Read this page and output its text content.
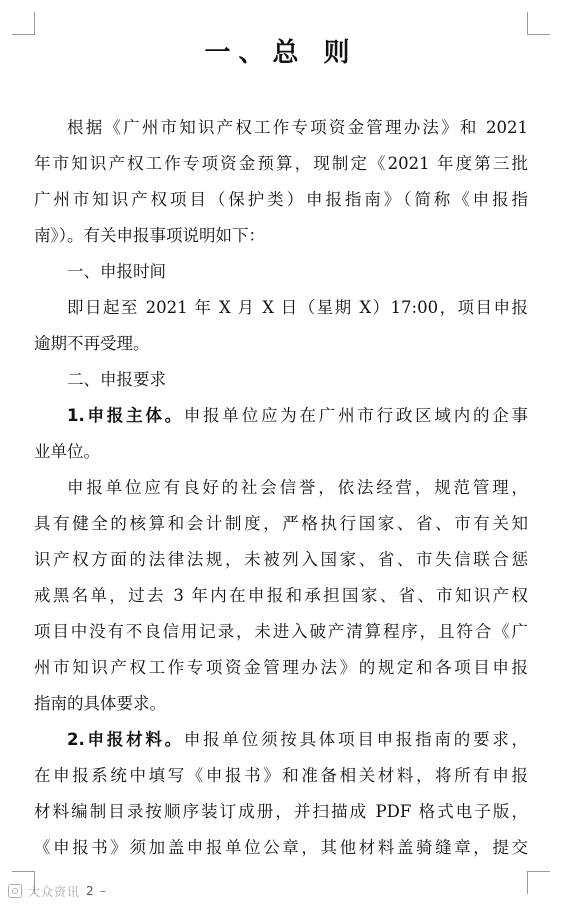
一、总 则
根据《广州市知识产权工作专项资金管理办法》和 2021
年市知识产权工作专项资金预算，现制定《2021 年度第三批
广州市知识产权项目（保护类）申报指南》（简称《申报指
南》）。有关申报事项说明如下：
一、申报时间
即日起至 2021 年 X 月 X 日（星期 X）17:00，项目申报
逾期不再受理。
二、申报要求
1.申报主体。申报单位应为在广州市行政区域内的企事
业单位。
申报单位应有良好的社会信誉，依法经营，规范管理，
具有健全的核算和会计制度，严格执行国家、省、市有关知
识产权方面的法律法规，未被列入国家、省、市失信联合惩
戒黑名单，过去 3 年内在申报和承担国家、省、市知识产权
项目中没有不良信用记录，未进入破产清算程序，且符合《广
州市知识产权工作专项资金管理办法》的规定和各项目申报
指南的具体要求。
2.申报材料。申报单位须按具体项目申报指南的要求，
在申报系统中填写《申报书》和准备相关材料，将所有申报
材料编制目录按顺序装订成册，并扫描成 PDF 格式电子版，
《申报书》须加盖申报单位公章，其他材料盖骑缝章，提交
大众资讯 2 –
